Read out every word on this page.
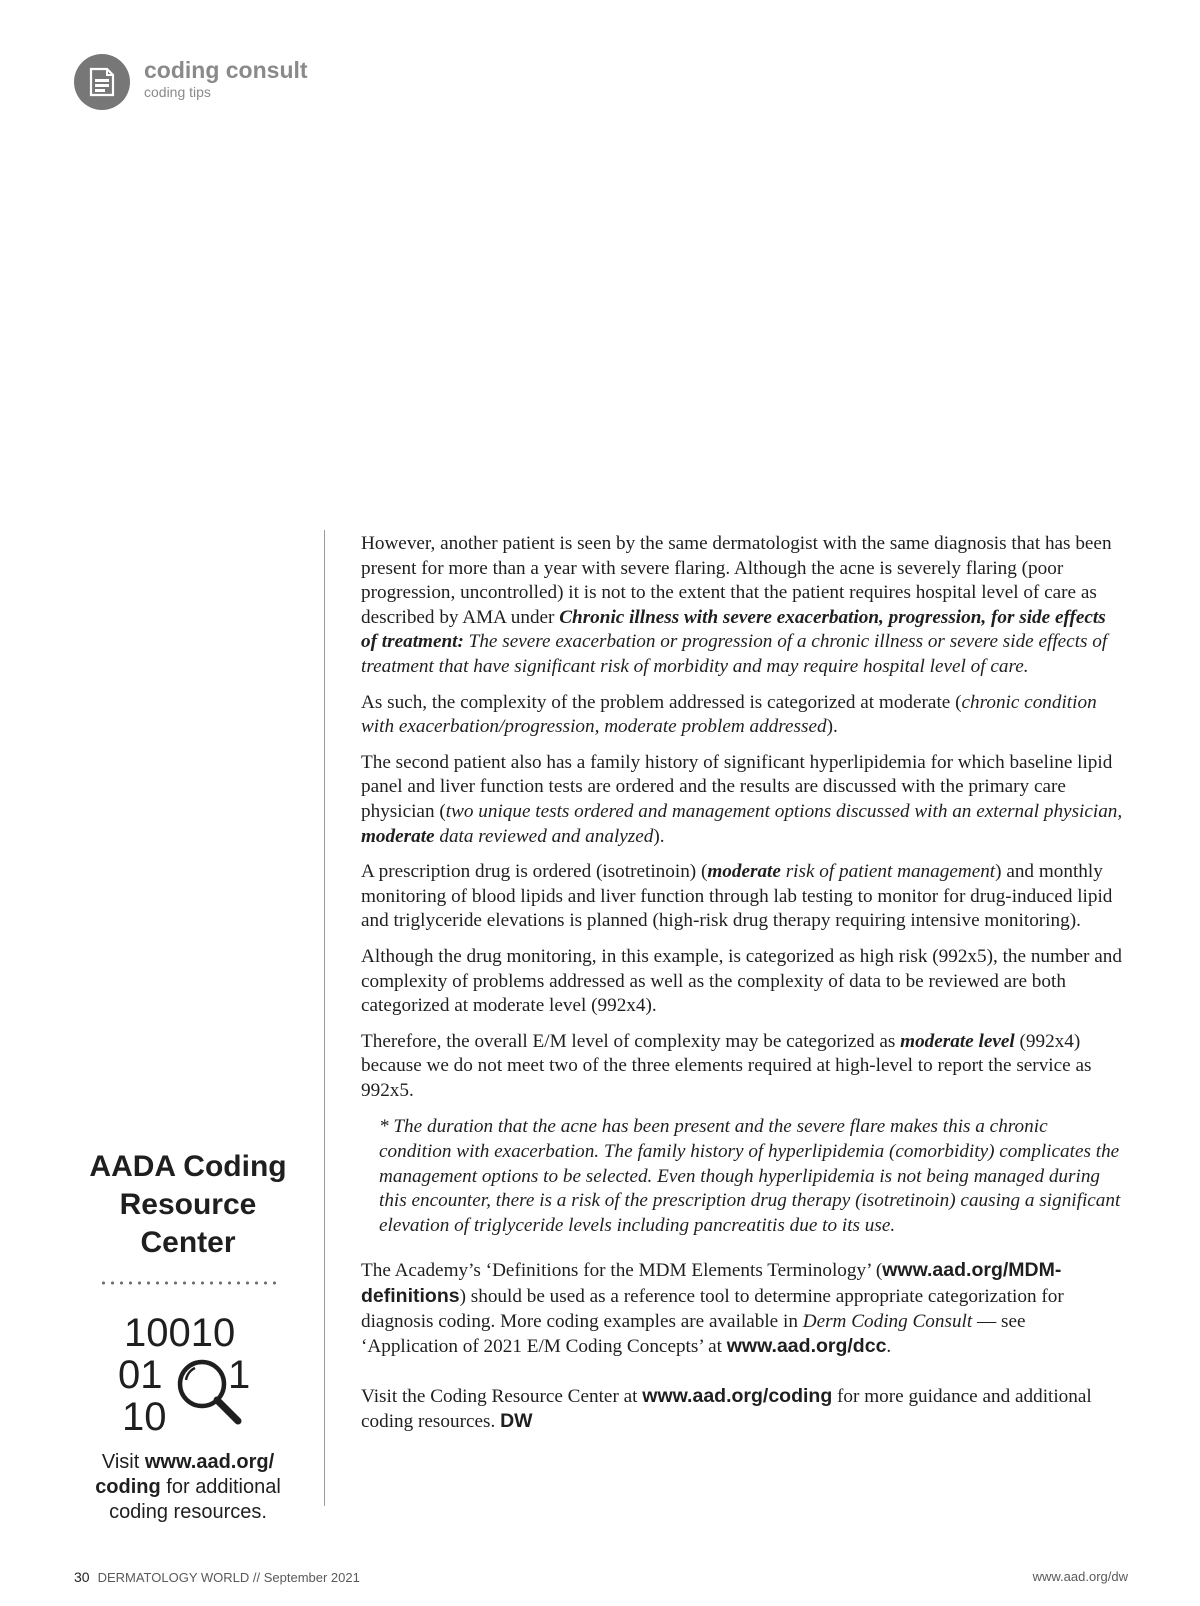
coding consult
coding tips
AADA Coding
Resource
Center
10010
01 1
10
Visit www.aad.org/
coding for additional
coding resources.

However, another patient is seen by the same dermatologist with the same diagnosis that has been present for more than a year with severe flaring. Although the acne is severely flaring (poor progression, uncontrolled) it is not to the extent that the patient requires hospital level of care as described by AMA under Chronic illness with severe exacerbation, progression, for side effects of treatment: The severe exacerbation or progression of a chronic illness or severe side effects of treatment that have significant risk of morbidity and may require hospital level of care.

As such, the complexity of the problem addressed is categorized at moderate (chronic condition with exacerbation/progression, moderate problem addressed).

The second patient also has a family history of significant hyperlipidemia for which baseline lipid panel and liver function tests are ordered and the results are discussed with the primary care physician (two unique tests ordered and management options discussed with an external physician, moderate data reviewed and analyzed).

A prescription drug is ordered (isotretinoin) (moderate risk of patient management) and monthly monitoring of blood lipids and liver function through lab testing to monitor for drug-induced lipid and triglyceride elevations is planned (high-risk drug therapy requiring intensive monitoring).

Although the drug monitoring, in this example, is categorized as high risk (992x5), the number and complexity of problems addressed as well as the complexity of data to be reviewed are both categorized at moderate level (992x4).

Therefore, the overall E/M level of complexity may be categorized as moderate level (992x4) because we do not meet two of the three elements required at high-level to report the service as 992x5.

* The duration that the acne has been present and the severe flare makes this a chronic condition with exacerbation. The family history of hyperlipidemia (comorbidity) complicates the management options to be selected. Even though hyperlipidemia is not being managed during this encounter, there is a risk of the prescription drug therapy (isotretinoin) causing a significant elevation of triglyceride levels including pancreatitis due to its use.

The Academy’s ‘Definitions for the MDM Elements Terminology’ (www.aad.org/MDM-definitions) should be used as a reference tool to determine appropriate categorization for diagnosis coding. More coding examples are available in Derm Coding Consult — see ‘Application of 2021 E/M Coding Concepts’ at www.aad.org/dcc.

Visit the Coding Resource Center at www.aad.org/coding for more guidance and additional coding resources. DW

30 DERMATOLOGY WORLD // September 2021	www.aad.org/dw
